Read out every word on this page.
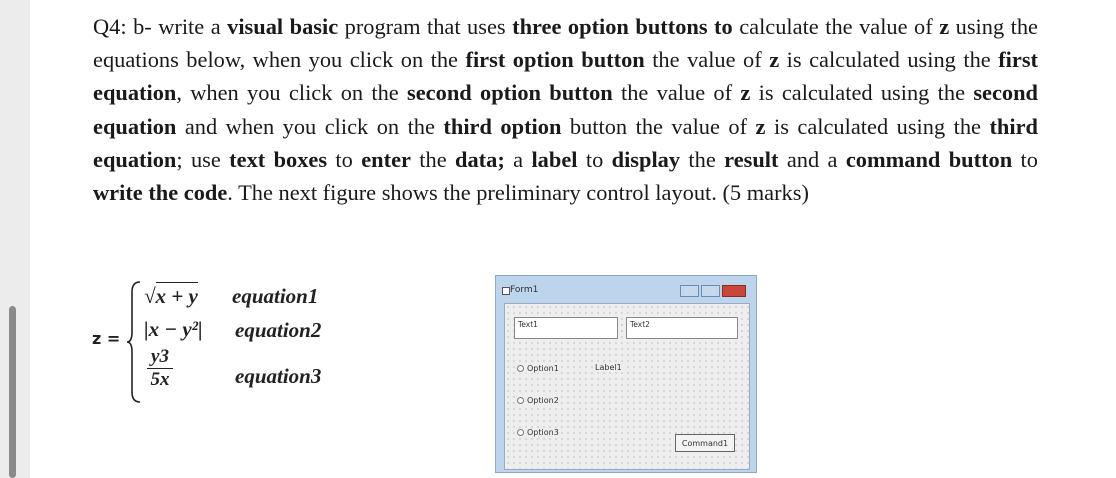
Q4: b- write a visual basic program that uses three option buttons to calculate the value of z using the equations below, when you click on the first option button the value of z is calculated using the first equation, when you click on the second option button the value of z is calculated using the second equation and when you click on the third option button the value of z is calculated using the third equation; use text boxes to enter the data; a label to display the result and a command button to write the code. The next figure shows the preliminary control layout. (5 marks)
z =
√x + y
|x − y²|
$\frac{y3}{5x}$
equation1
equation2
equation3
Form1
Text1	Text2
Option1	Label1
Option2
Option3
Command1
